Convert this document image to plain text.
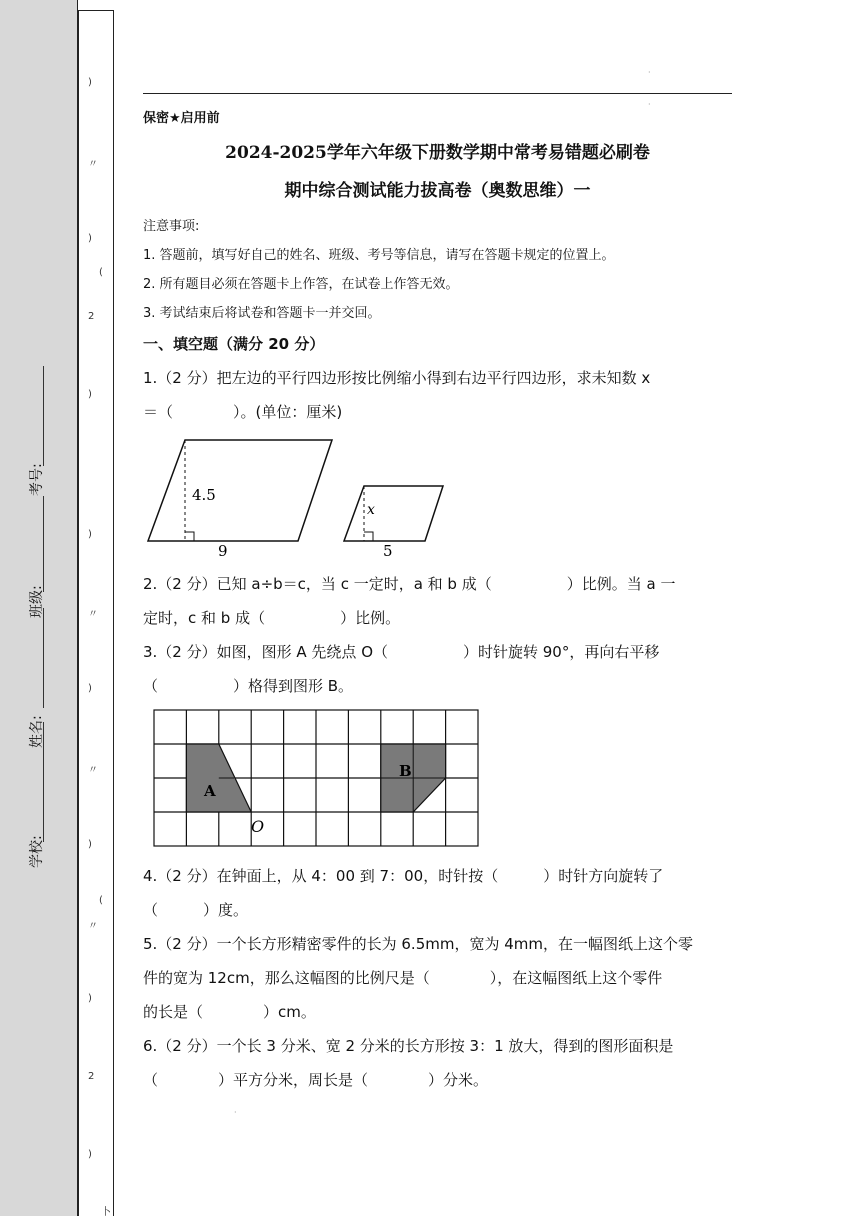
学校:
姓名:
班级:
考号:
)
〃
)
(
2
)
)
〃
)
〃
)
(
〃
)
2
)
卜
·
·
保密★启用前
2024-2025学年六年级下册数学期中常考易错题必刷卷
期中综合测试能力拔高卷（奥数思维）一
注意事项:
1. 答题前，填写好自己的姓名、班级、考号等信息，请写在答题卡规定的位置上。
2. 所有题目必须在答题卡上作答，在试卷上作答无效。
3. 考试结束后将试卷和答题卡一并交回。
一、填空题（满分 20 分）
1.（2 分）把左边的平行四边形按比例缩小得到右边平行四边形，求未知数 x
＝（　　　　）。(单位：厘米)
4.5
9
x
5
2.（2 分）已知 a÷b＝c，当 c 一定时，a 和 b 成（　　　　　）比例。当 a 一
定时，c 和 b 成（　　　　　）比例。
3.（2 分）如图，图形 A 先绕点 O（　　　　　）时针旋转 90°，再向右平移
（　　　　　）格得到图形 B。
A
B
O
4.（2 分）在钟面上，从 4：00 到 7：00，时针按（　　　）时针方向旋转了
（　　　）度。
5.（2 分）一个长方形精密零件的长为 6.5mm，宽为 4mm，在一幅图纸上这个零
件的宽为 12cm，那么这幅图的比例尺是（　　　　），在这幅图纸上这个零件
的长是（　　　　）cm。
6.（2 分）一个长 3 分米、宽 2 分米的长方形按 3：1 放大，得到的图形面积是
（　　　　）平方分米，周长是（　　　　）分米。
·
